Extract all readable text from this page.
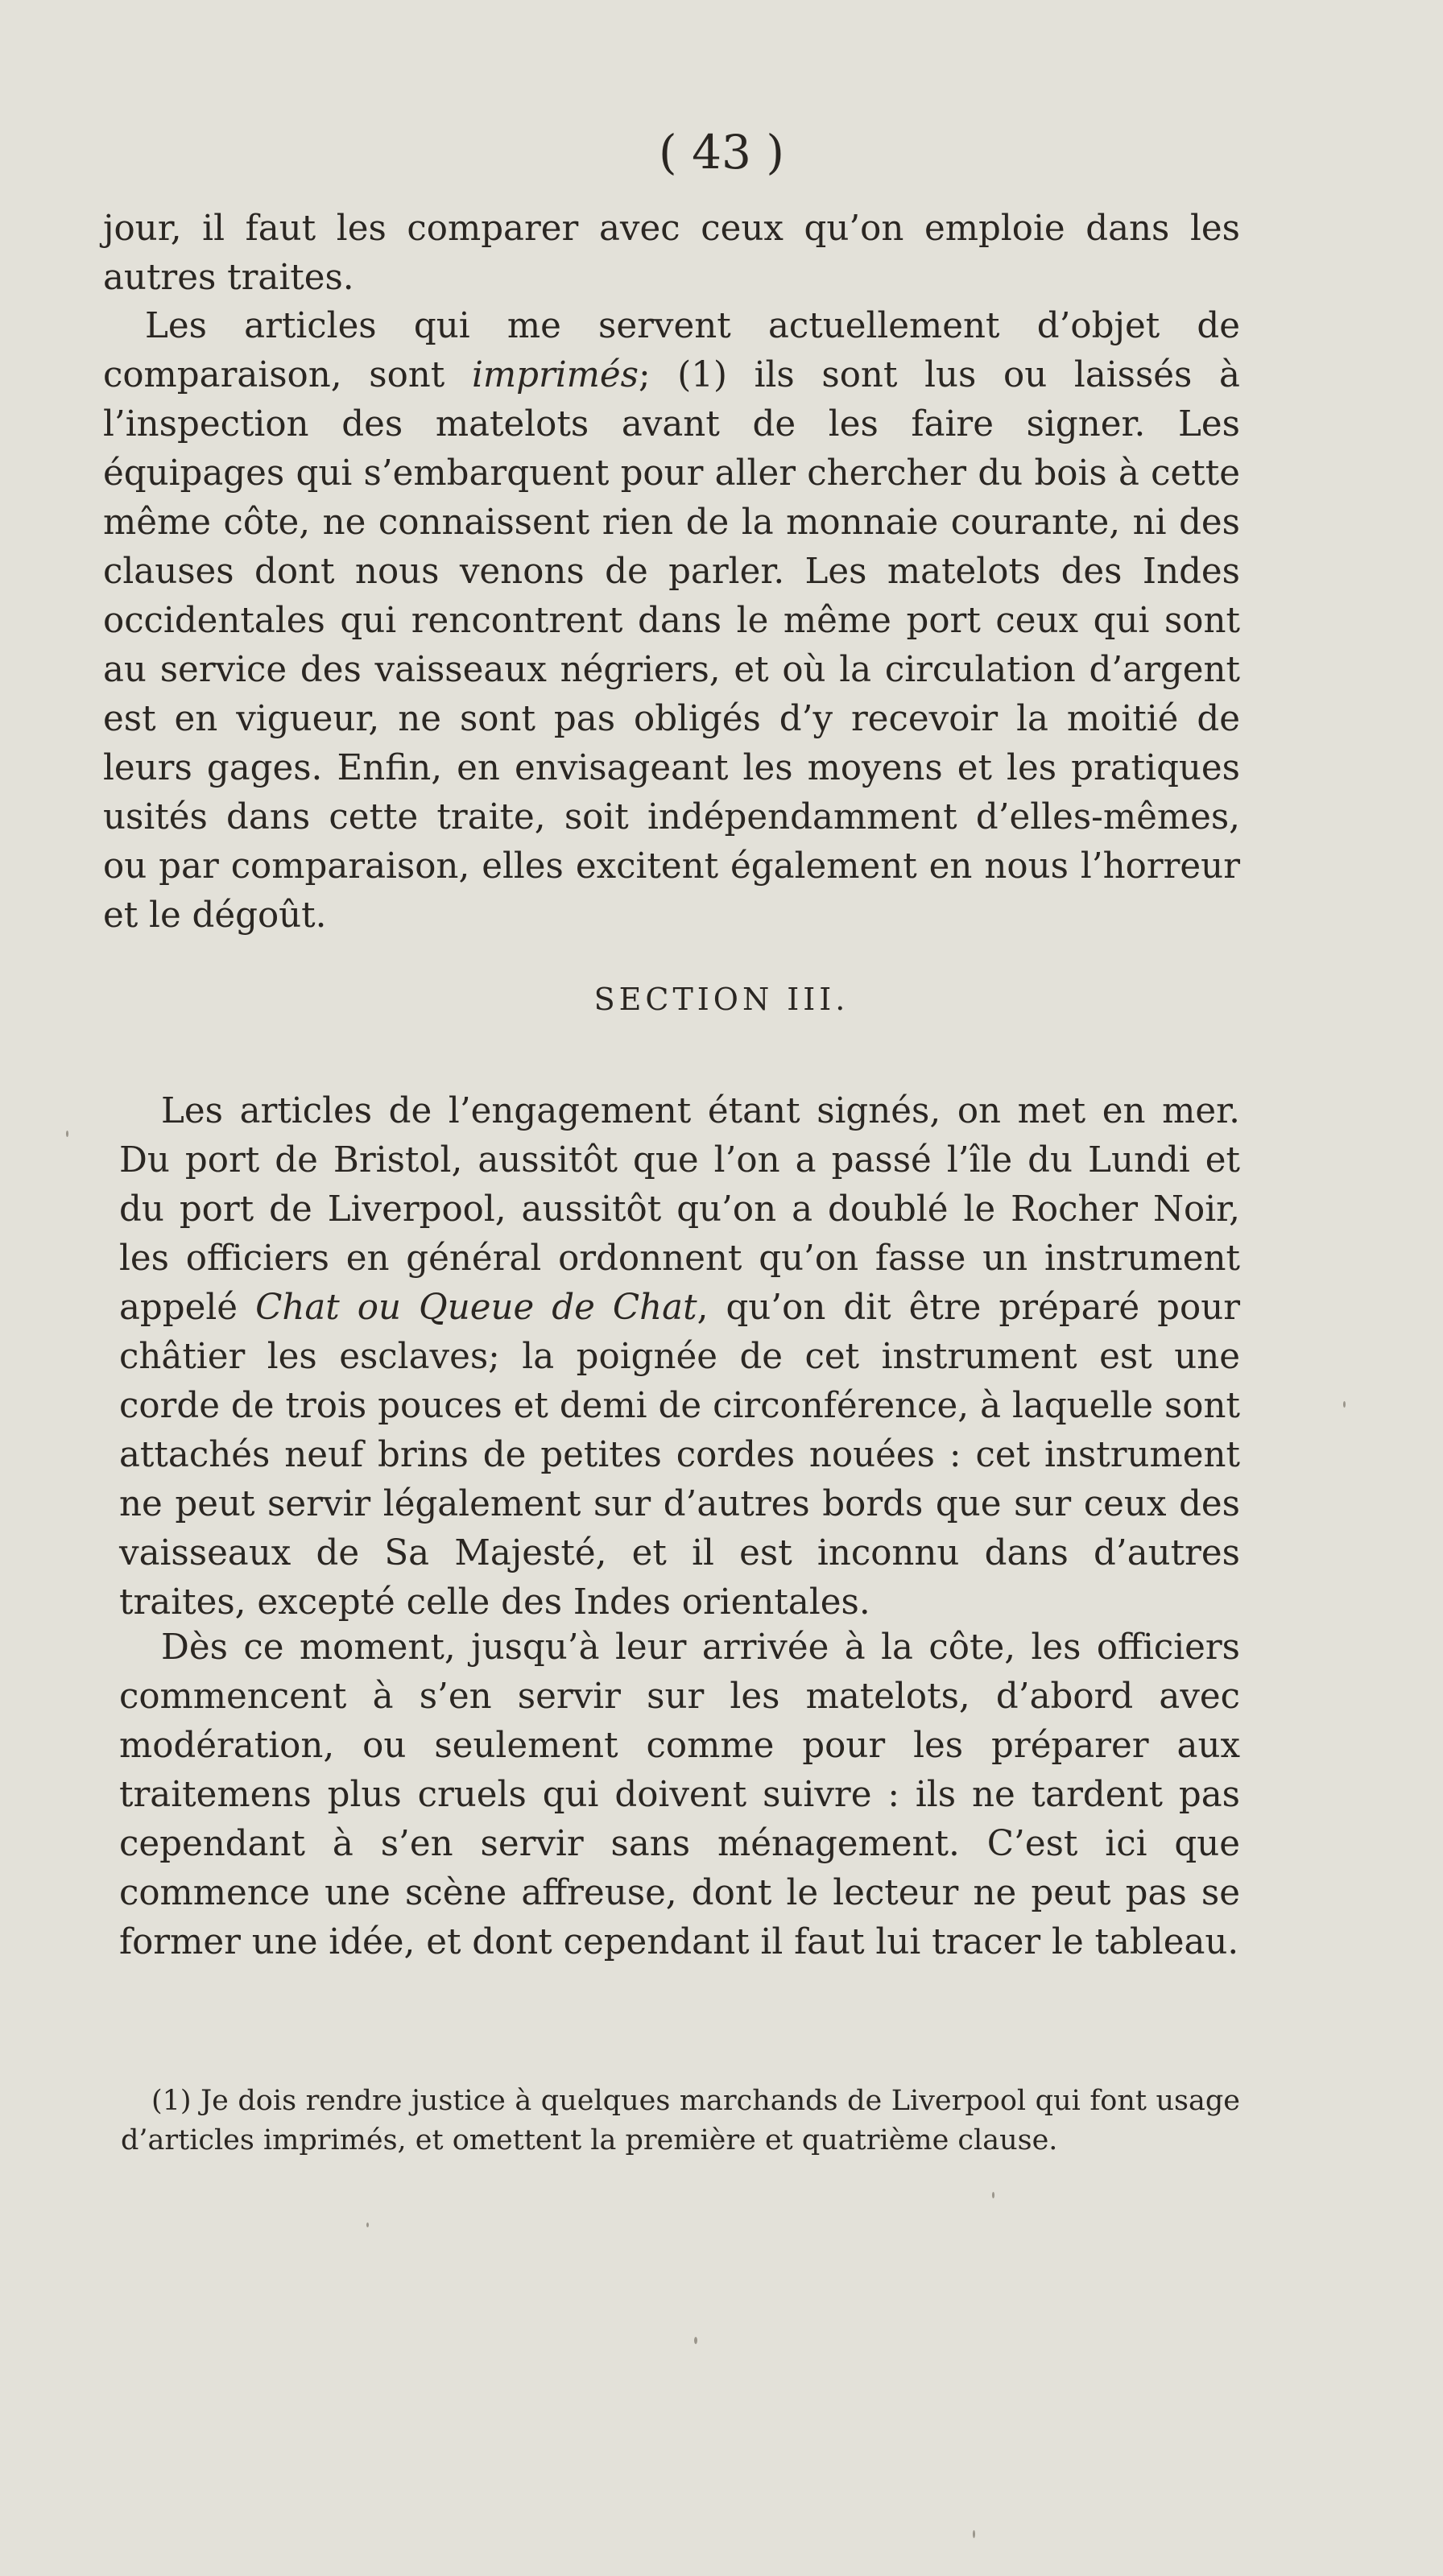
( 43 )

jour, il faut les comparer avec ceux qu’on emploie dans les autres traites.

Les articles qui me servent actuellement d’objet de comparaison, sont imprimés; (1) ils sont lus ou laissés à l’inspection des matelots avant de les faire signer. Les équipages qui s’embarquent pour aller chercher du bois à cette même côte, ne connaissent rien de la monnaie courante, ni des clauses dont nous venons de parler. Les matelots des Indes occidentales qui rencontrent dans le même port ceux qui sont au service des vaisseaux négriers, et où la circulation d’argent est en vigueur, ne sont pas obligés d’y recevoir la moitié de leurs gages. Enfin, en envisageant les moyens et les pratiques usités dans cette traite, soit indépendamment d’elles-mêmes, ou par comparaison, elles excitent également en nous l’horreur et le dégoût.

SECTION III.

Les articles de l’engagement étant signés, on met en mer. Du port de Bristol, aussitôt que l’on a passé l’île du Lundi et du port de Liverpool, aussitôt qu’on a doublé le Rocher Noir, les officiers en général ordonnent qu’on fasse un instrument appelé Chat ou Queue de Chat, qu’on dit être préparé pour châtier les esclaves; la poignée de cet instrument est une corde de trois pouces et demi de circonférence, à laquelle sont attachés neuf brins de petites cordes nouées : cet instrument ne peut servir légalement sur d’autres bords que sur ceux des vaisseaux de Sa Majesté, et il est inconnu dans d’autres traites, excepté celle des Indes orientales.

Dès ce moment, jusqu’à leur arrivée à la côte, les officiers commencent à s’en servir sur les matelots, d’abord avec modération, ou seulement comme pour les préparer aux traitemens plus cruels qui doivent suivre : ils ne tardent pas cependant à s’en servir sans ménagement. C’est ici que commence une scène affreuse, dont le lecteur ne peut pas se former une idée, et dont cependant il faut lui tracer le tableau.

(1) Je dois rendre justice à quelques marchands de Liverpool qui font usage d’articles imprimés, et omettent la première et quatrième clause.
